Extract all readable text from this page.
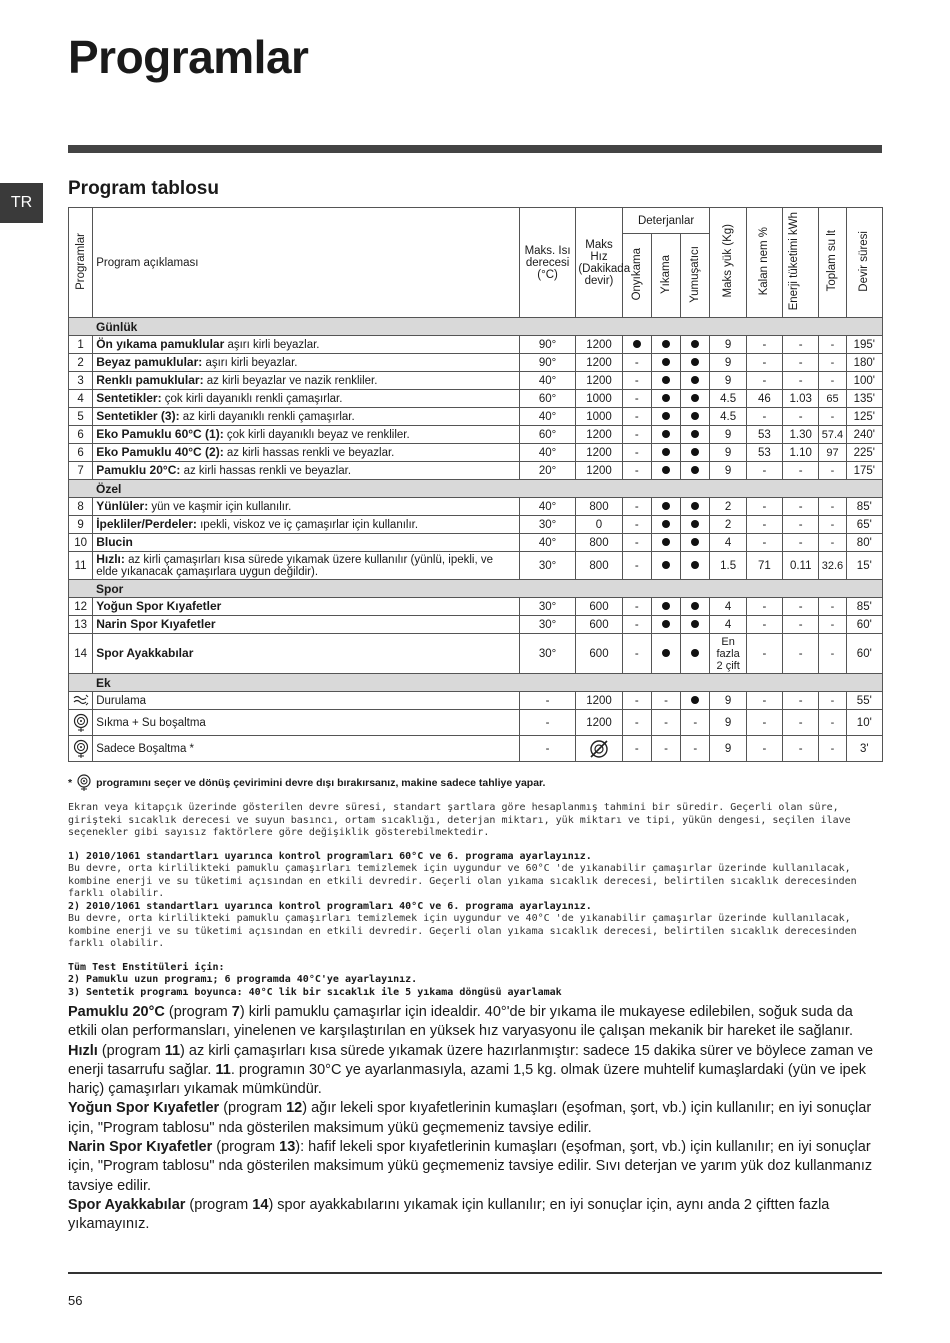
Programlar
TR
Program tablosu
Programlar	Program açıklaması	Maks. Isı derecesi (°C)	Maks Hız (Dakikada devir)	Deterjanlar			Maks yük (Kg)	Kalan nem %	Enerji tüketimi kWh	Toplam su lt	Devir süresi
				Önyıkama	Yıkama	Yumuşatıcı					
Günlük											
1	Ön yıkama pamuklular aşırı kirli beyazlar.	90°	1200				9	-	-	-	195'
2	Beyaz pamuklular: aşırı kirli beyazlar.	90°	1200	-			9	-	-	-	180'
3	Renklı pamuklular: az kirli beyazlar ve nazik renkliler.	40°	1200	-			9	-	-	-	100'
4	Sentetikler: çok kirli dayanıklı renkli çamaşırlar.	60°	1000	-			4.5	46	1.03	65	135'
5	Sentetikler (3): az kirli dayanıklı renkli çamaşırlar.	40°	1000	-			4.5	-	-	-	125'
6	Eko Pamuklu 60°C (1): çok kirli dayanıklı beyaz ve renkliler.	60°	1200	-			9	53	1.30	57.4	240'
6	Eko Pamuklu 40°C (2): az kirli hassas renkli ve beyazlar.	40°	1200	-			9	53	1.10	97	225'
7	Pamuklu 20°C: az kirli hassas renkli ve beyazlar.	20°	1200	-			9	-	-	-	175'
Özel											
8	Yünlüler: yün ve kaşmir için kullanılır.	40°	800	-			2	-	-	-	85'
9	İpekliler/Perdeler: ıpekli, viskoz ve iç çamaşırlar için kullanılır.	30°	0	-			2	-	-	-	65'
10	Blucin	40°	800	-			4	-	-	-	80'
11	Hızlı: az kirli çamaşırları kısa sürede yıkamak üzere kullanılır (yünlü, ipekli, ve elde yıkanacak çamaşırlara uygun değildir).	30°	800	-			1.5	71	0.11	32.6	15'
Spor											
12	Yoğun Spor Kıyafetler	30°	600	-			4	-	-	-	85'
13	Narin Spor Kıyafetler	30°	600	-			4	-	-	-	60'
14	Spor Ayakkabılar	30°	600	-			En fazla 2 çift	-	-	-	60'
Ek											
	Durulama	-	1200	-	-		9	-	-	-	55'
	Sıkma + Su boşaltma	-	1200	-	-	-	9	-	-	-	10'
	Sadece Boşaltma *	-		-	-	-	9	-	-	-	3'
* programını seçer ve dönüş çevirimini devre dışı bırakırsanız, makine sadece tahliye yapar.

Ekran veya kitapçık üzerinde gösterilen devre süresi, standart şartlara göre hesaplanmış tahmini bir süredir. Geçerli olan süre, giriştеki sıcaklık derecesi ve suyun basıncı, ortam sıcaklığı, deterjan miktarı, yük miktarı ve tipi, yükün dengesi, seçilen ilave seçenekler gibi sayısız faktörlere göre değişiklik gösterebilmektedir.

1) 2010/1061 standartları uyarınca kontrol programları 60°C ve 6. programa ayarlayınız.

Bu devre, orta kirlilikteki pamuklu çamaşırları temizlemek için uygundur ve 60°C 'de yıkanabilir çamaşırlar üzerinde kullanılacak, kombine enerji ve su tüketimi açısından en etkili devredir. Geçerli olan yıkama sıcaklık derecesi, belirtilen sıcaklık derecesinden farklı olabilir.

2) 2010/1061 standartları uyarınca kontrol programları 40°C ve 6. programa ayarlayınız.

Bu devre, orta kirlilikteki pamuklu çamaşırları temizlemek için uygundur ve 40°C 'de yıkanabilir çamaşırlar üzerinde kullanılacak, kombine enerji ve su tüketimi açısından en etkili devredir. Geçerli olan yıkama sıcaklık derecesi, belirtilen sıcaklık derecesinden farklı olabilir.

Tüm Test Enstitüleri için:

2) Pamuklu uzun programı; 6 programda 40°C'ye ayarlayınız.

3) Sentetik programı boyunca: 40°C lik bir sıcaklık ile 5 yıkama döngüsü ayarlamak

Pamuklu 20°C (program 7) kirli pamuklu çamaşırlar için idealdir. 40°'de bir yıkama ile mukayese edilebilen, soğuk suda da etkili olan performansları, yinelenen ve karşılaştırılan en yüksek hız varyasyonu ile çalışan mekanik bir hareket ile sağlanır.

Hızlı (program 11) az kirli çamaşırları kısa sürede yıkamak üzere hazırlanmıştır: sadece 15 dakika sürer ve böylece zaman ve enerji tasarrufu sağlar. 11. programın 30°C ye ayarlanmasıyla, azami 1,5 kg. olmak üzere muhtelif kumaşlardaki (yün ve ipek hariç) çamaşırları yıkamak mümkündür.

Yoğun Spor Kıyafetler (program 12) ağır lekeli spor kıyafetlerinin kumaşları (eşofman, şort, vb.) için kullanılır; en iyi sonuçlar için, "Program tablosu" nda gösterilen maksimum yükü geçmemeniz tavsiye edilir.

Narin Spor Kıyafetler (program 13): hafif lekeli spor kıyafetlerinin kumaşları (eşofman, şort, vb.) için kullanılır; en iyi sonuçlar için, "Program tablosu" nda gösterilen maksimum yükü geçmemeniz tavsiye edilir. Sıvı deterjan ve yarım yük doz kullanmanız tavsiye edilir.

Spor Ayakkabılar (program 14) spor ayakkabılarını yıkamak için kullanılır; en iyi sonuçlar için, aynı anda 2 çiftten fazla yıkamayınız.

56
